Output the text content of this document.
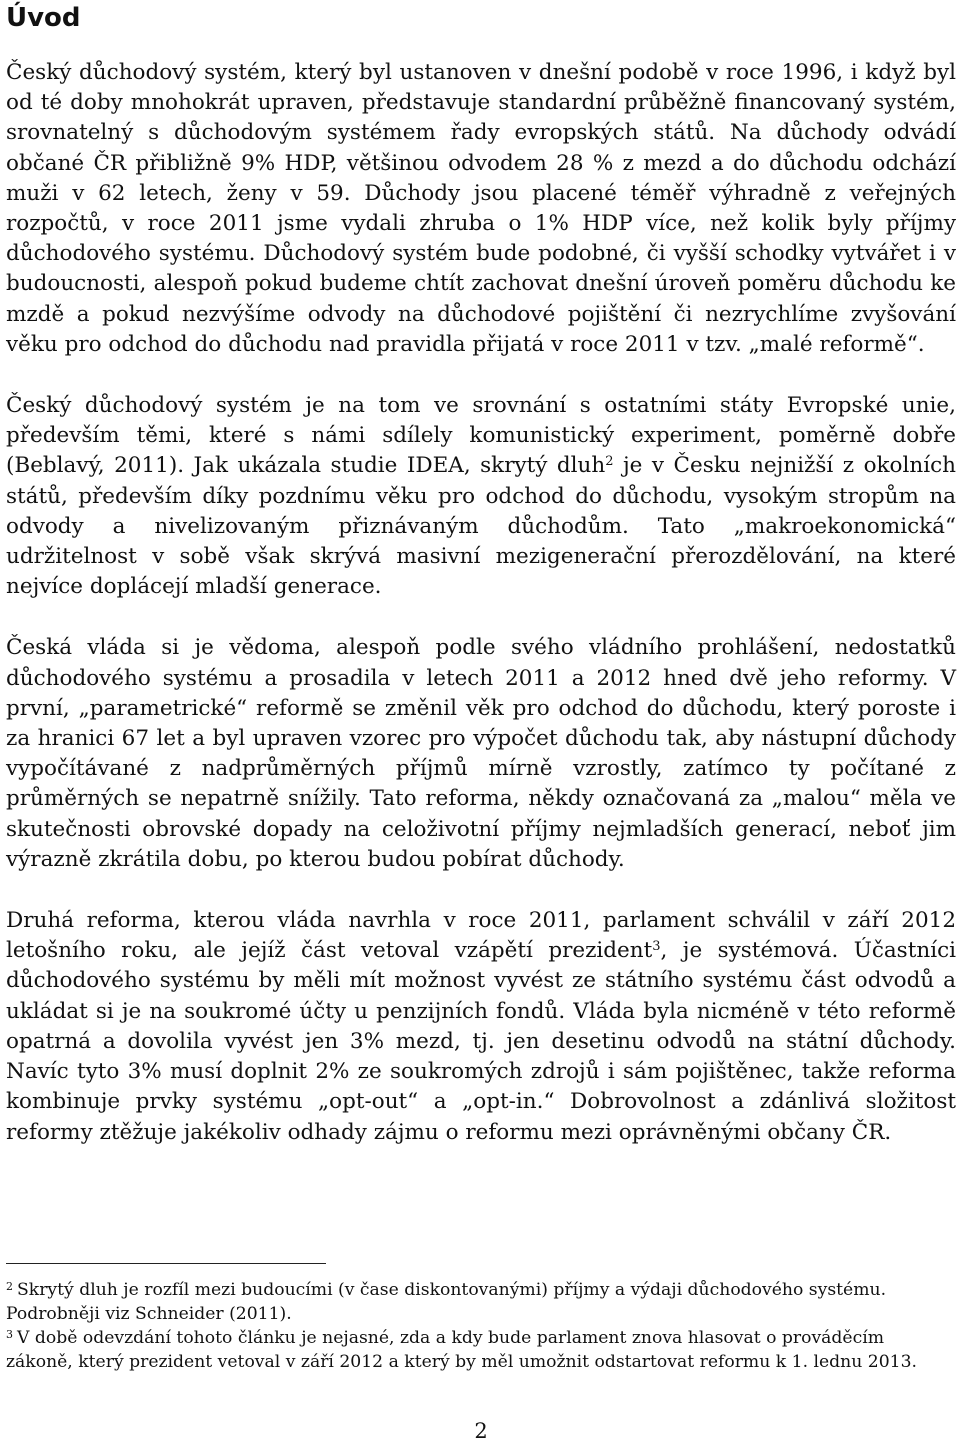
Úvod

Český důchodový systém, který byl ustanoven v dnešní podobě v roce 1996, i když byl od té doby mnohokrát upraven, představuje standardní průběžně financovaný systém, srovnatelný s důchodovým systémem řady evropských států. Na důchody odvádí občané ČR přibližně 9% HDP, většinou odvodem 28 % z mezd a do důchodu odchází muži v 62 letech, ženy v 59. Důchody jsou placené téměř výhradně z veřejných rozpočtů, v roce 2011 jsme vydali zhruba o 1% HDP více, než kolik byly příjmy důchodového systému. Důchodový systém bude podobné, či vyšší schodky vytvářet i v budoucnosti, alespoň pokud budeme chtít zachovat dnešní úroveň poměru důchodu ke mzdě a pokud nezvýšíme odvody na důchodové pojištění či nezrychlíme zvyšování věku pro odchod do důchodu nad pravidla přijatá v roce 2011 v tzv. „malé reformě“.

Český důchodový systém je na tom ve srovnání s ostatními státy Evropské unie, především těmi, které s námi sdílely komunistický experiment, poměrně dobře (Beblavý, 2011). Jak ukázala studie IDEA, skrytý dluh$^2$ je v Česku nejnižší z okolních států, především díky pozdnímu věku pro odchod do důchodu, vysokým stropům na odvody a nivelizovaným přiznávaným důchodům. Tato „makroekonomická“ udržitelnost v sobě však skrývá masivní mezigenerační přerozdělování, na které nejvíce doplácejí mladší generace.

Česká vláda si je vědoma, alespoň podle svého vládního prohlášení, nedostatků důchodového systému a prosadila v letech 2011 a 2012 hned dvě jeho reformy. V první, „parametrické“ reformě se změnil věk pro odchod do důchodu, který poroste i za hranici 67 let a byl upraven vzorec pro výpočet důchodu tak, aby nástupní důchody vypočítávané z nadprůměrných příjmů mírně vzrostly, zatímco ty počítané z průměrných se nepatrně snížily. Tato reforma, někdy označovaná za „malou“ měla ve skutečnosti obrovské dopady na celoživotní příjmy nejmladších generací, neboť jim výrazně zkrátila dobu, po kterou budou pobírat důchody.

Druhá reforma, kterou vláda navrhla v roce 2011, parlament schválil v září 2012 letošního roku, ale jejíž část vetoval vzápětí prezident$^3$, je systémová. Účastníci důchodového systému by měli mít možnost vyvést ze státního systému část odvodů a ukládat si je na soukromé účty u penzijních fondů. Vláda byla nicméně v této reformě opatrná a dovolila vyvést jen 3% mezd, tj. jen desetinu odvodů na státní důchody. Navíc tyto 3% musí doplnit 2% ze soukromých zdrojů i sám pojištěnec, takže reforma kombinuje prvky systému „opt-out“ a „opt-in.“ Dobrovolnost a zdánlivá složitost reformy ztěžuje jakékoliv odhady zájmu o reformu mezi oprávněnými občany ČR.

$^2$ Skrytý dluh je rozfíl mezi budoucími (v čase diskontovanými) příjmy a výdaji důchodového systému. Podrobněji viz Schneider (2011).

$^3$ V době odevzdání tohoto článku je nejasné, zda a kdy bude parlament znova hlasovat o prováděcím zákoně, který prezident vetoval v září 2012 a který by měl umožnit odstartovat reformu k 1. lednu 2013.

2
